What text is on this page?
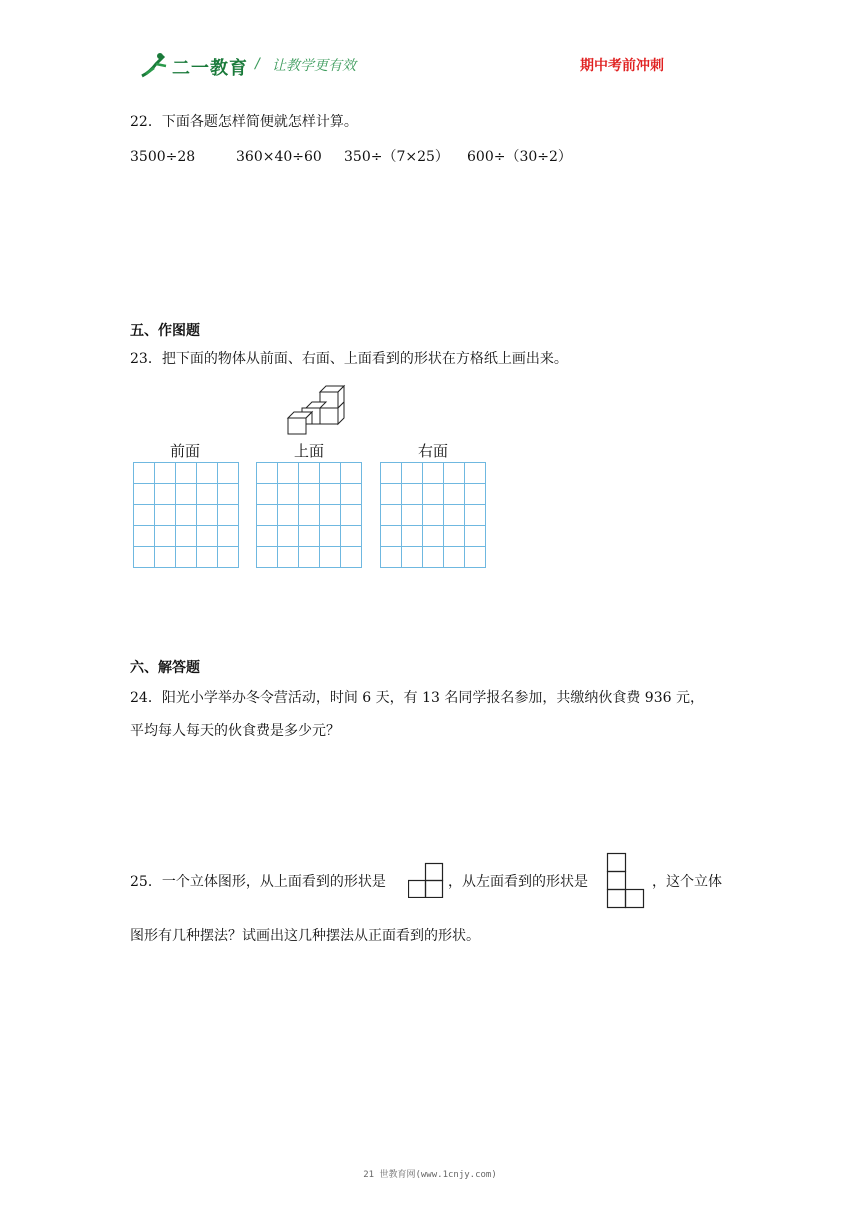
二一教育 / 让教学更有效	期中考前冲刺
22．下面各题怎样简便就怎样计算。
3500÷28	360×40÷60 350÷（7×25） 600÷（30÷2）
五、作图题
23．把下面的物体从前面、右面、上面看到的形状在方格纸上画出来。
前面	上面	右面
六、解答题
24．阳光小学举办冬令营活动，时间 6 天，有 13 名同学报名参加，共缴纳伙食费 936 元，
平均每人每天的伙食费是多少元？
25．一个立体图形，从上面看到的形状是	，从左面看到的形状是	，这个立体
图形有几种摆法？试画出这几种摆法从正面看到的形状。
21 世教育网(www.1cnjy.com)
